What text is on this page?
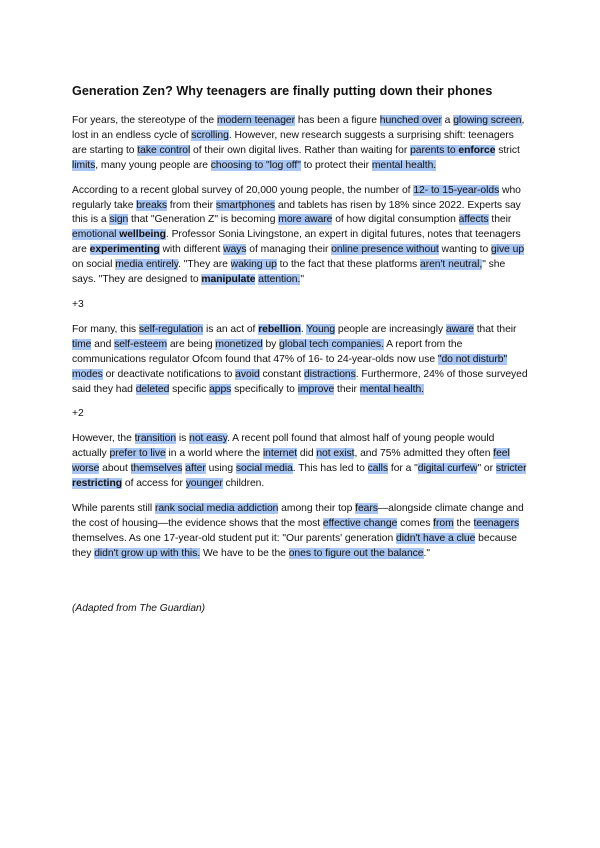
Generation Zen? Why teenagers are finally putting down their phones

For years, the stereotype of the modern teenager has been a figure hunched over a glowing screen, lost in an endless cycle of scrolling. However, new research suggests a surprising shift: teenagers are starting to take control of their own digital lives. Rather than waiting for parents to enforce strict limits, many young people are choosing to "log off" to protect their mental health.

According to a recent global survey of 20,000 young people, the number of 12- to 15-year-olds who regularly take breaks from their smartphones and tablets has risen by 18% since 2022. Experts say this is a sign that "Generation Z" is becoming more aware of how digital consumption affects their emotional wellbeing. Professor Sonia Livingstone, an expert in digital futures, notes that teenagers are experimenting with different ways of managing their online presence without wanting to give up on social media entirely. "They are waking up to the fact that these platforms aren't neutral," she says. "They are designed to manipulate attention."

+3

For many, this self-regulation is an act of rebellion. Young people are increasingly aware that their time and self-esteem are being monetized by global tech companies. A report from the communications regulator Ofcom found that 47% of 16- to 24-year-olds now use "do not disturb" modes or deactivate notifications to avoid constant distractions. Furthermore, 24% of those surveyed said they had deleted specific apps specifically to improve their mental health.

+2

However, the transition is not easy. A recent poll found that almost half of young people would actually prefer to live in a world where the internet did not exist, and 75% admitted they often feel worse about themselves after using social media. This has led to calls for a "digital curfew" or stricter restricting of access for younger children.

While parents still rank social media addiction among their top fears—alongside climate change and the cost of housing—the evidence shows that the most effective change comes from the teenagers themselves. As one 17-year-old student put it: "Our parents' generation didn't have a clue because they didn't grow up with this. We have to be the ones to figure out the balance."

(Adapted from The Guardian)
